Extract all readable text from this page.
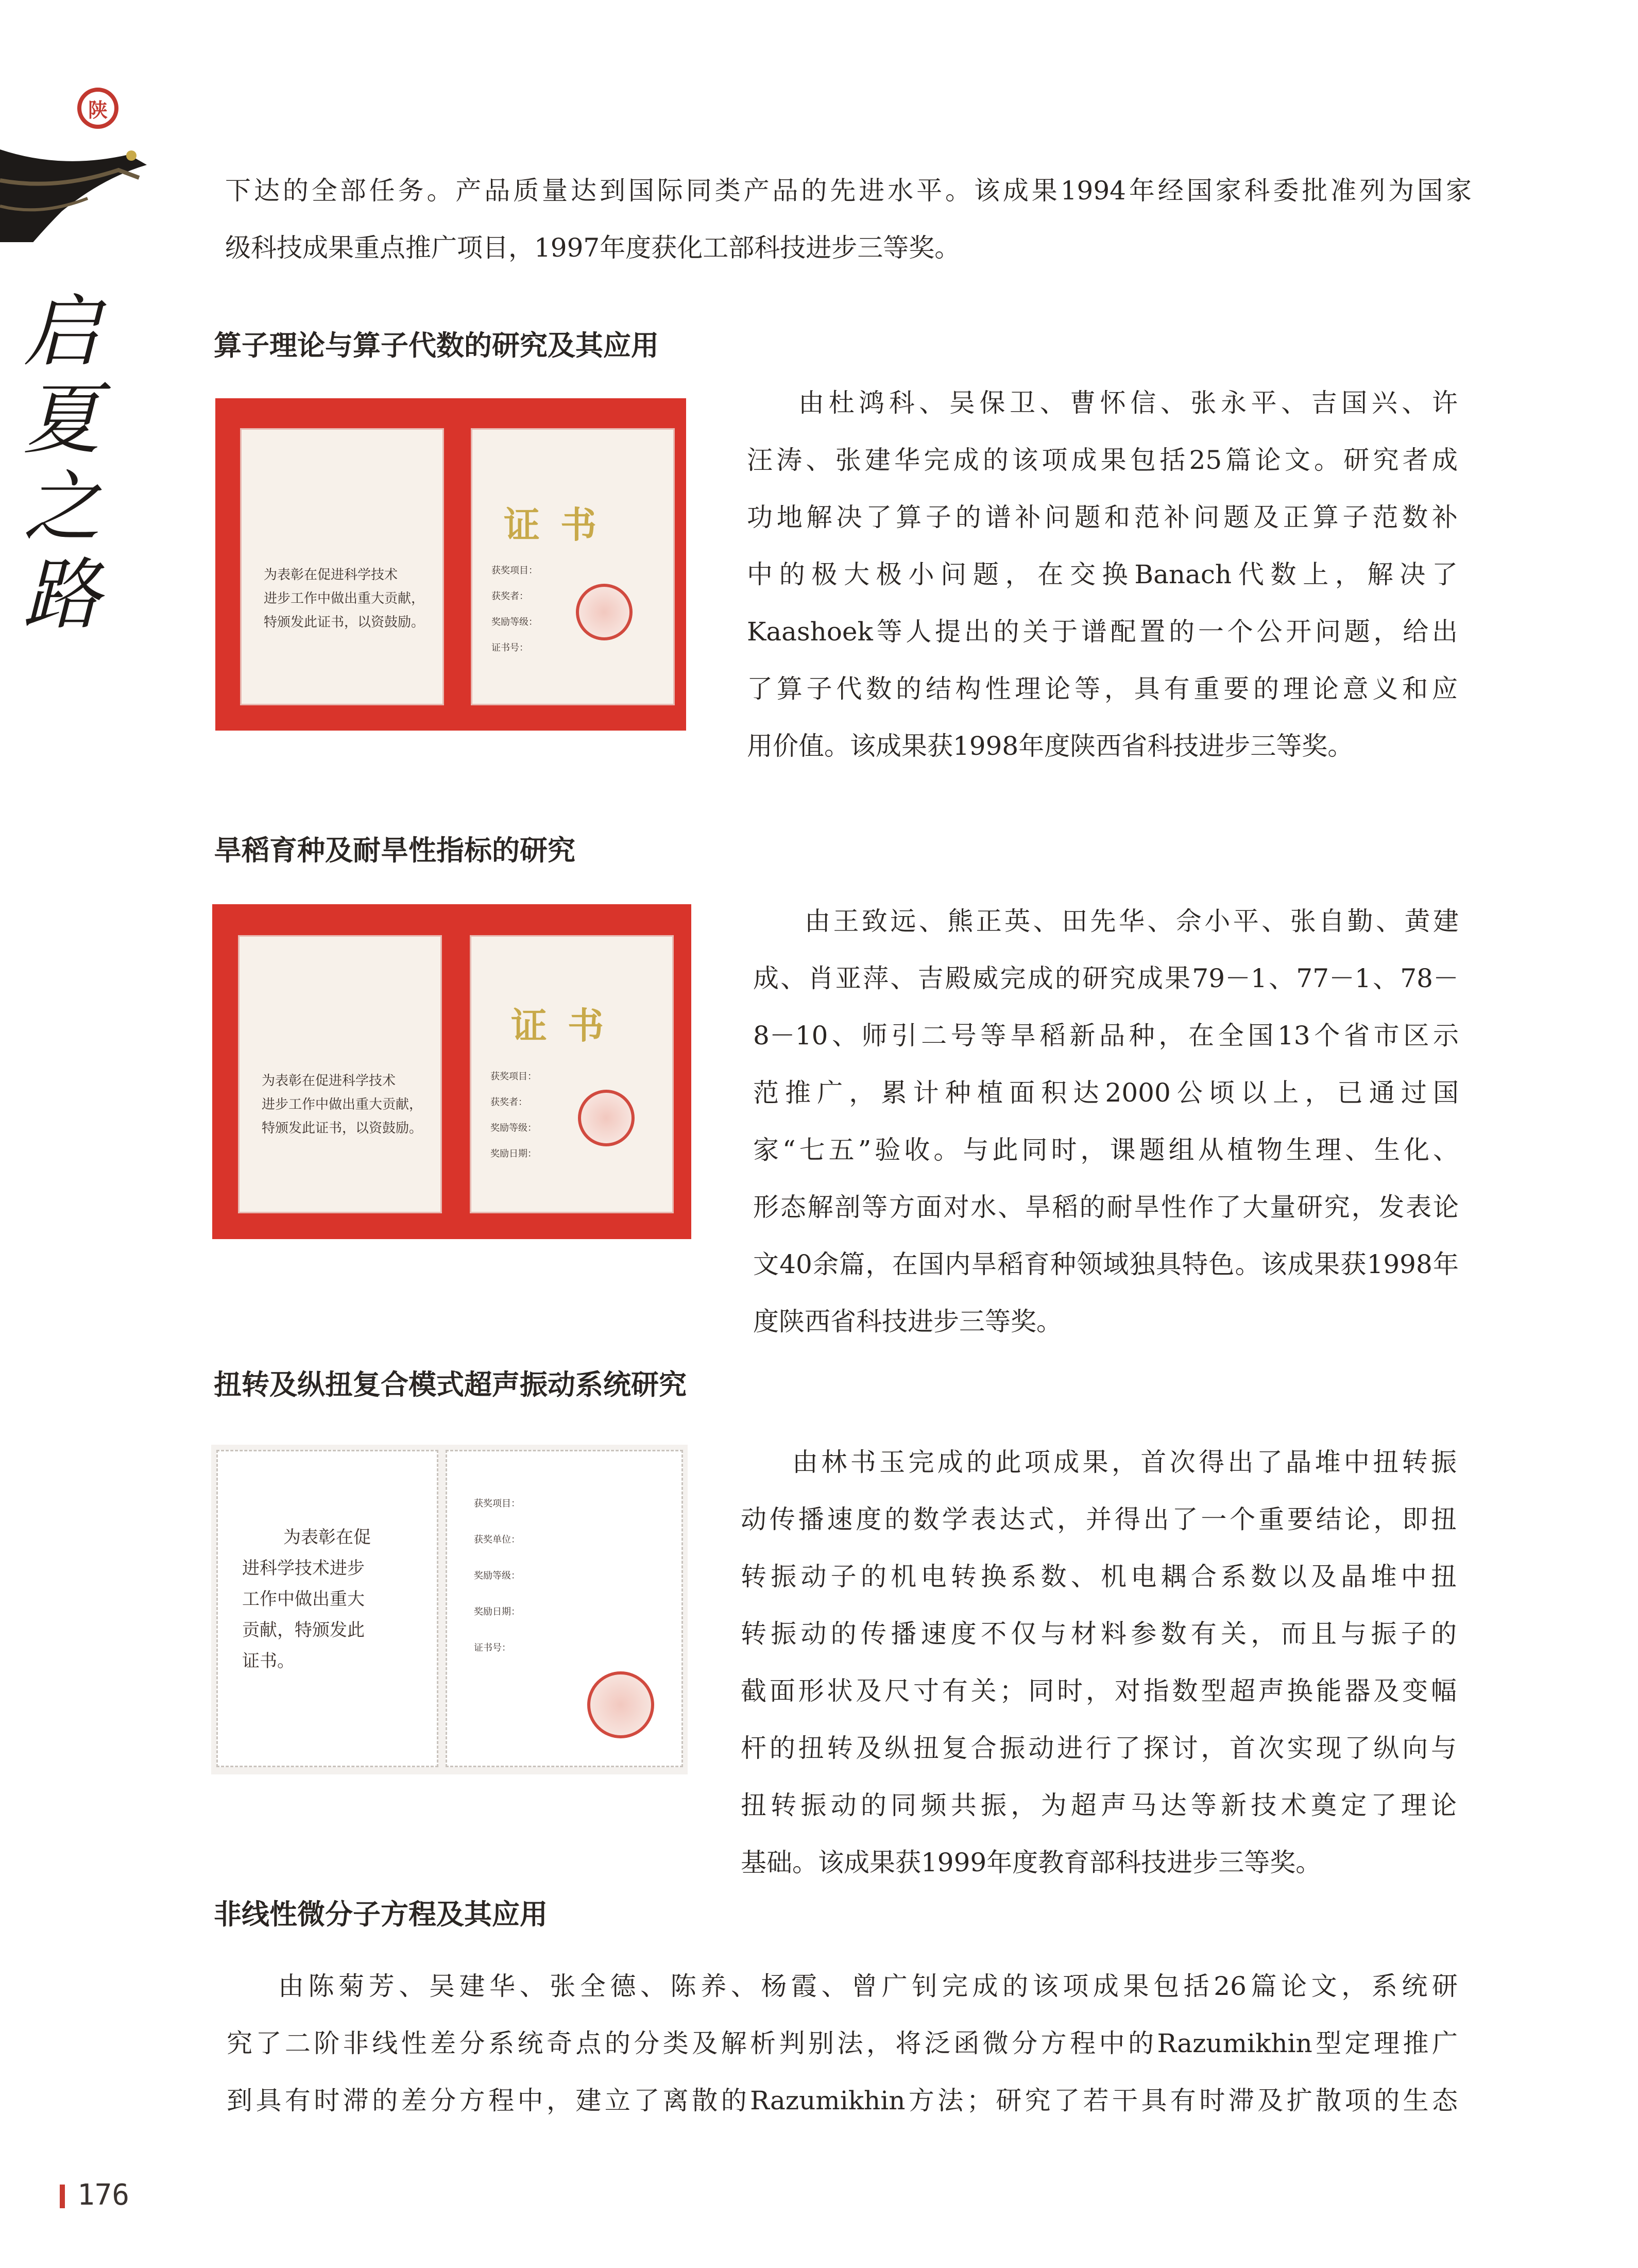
陕
启
夏
之
路
下达的全部任务。产品质量达到国际同类产品的先进水平。该成果1994年经国家科委批准列为国家
级科技成果重点推广项目，1997年度获化工部科技进步三等奖。
算子理论与算子代数的研究及其应用
为表彰在促进科学技术
进步工作中做出重大贡献，
特颁发此证书，以资鼓励。
证书
获奖项目：
获奖者：
奖励等级：
证书号：
由杜鸿科、吴保卫、曹怀信、张永平、吉国兴、许
汪涛、张建华完成的该项成果包括25篇论文。研究者成
功地解决了算子的谱补问题和范补问题及正算子范数补
中的极大极小问题，在交换Banach代数上，解决了
Kaashoek等人提出的关于谱配置的一个公开问题，给出
了算子代数的结构性理论等，具有重要的理论意义和应
用价值。该成果获1998年度陕西省科技进步三等奖。
旱稻育种及耐旱性指标的研究
为表彰在促进科学技术
进步工作中做出重大贡献，
特颁发此证书，以资鼓励。
证书
获奖项目：
获奖者：
奖励等级：
奖励日期：
由王致远、熊正英、田先华、佘小平、张自勤、黄建
成、肖亚萍、吉殿威完成的研究成果79－1、77－1、78－
8－10、师引二号等旱稻新品种，在全国13个省市区示
范推广，累计种植面积达2000公顷以上，已通过国
家“七五”验收。与此同时，课题组从植物生理、生化、
形态解剖等方面对水、旱稻的耐旱性作了大量研究，发表论
文40余篇，在国内旱稻育种领域独具特色。该成果获1998年
度陕西省科技进步三等奖。
扭转及纵扭复合模式超声振动系统研究
为表彰在促
进科学技术进步
工作中做出重大
贡献，特颁发此
证书。
获奖项目：
获奖单位：
奖励等级：
奖励日期：
证书号：
由林书玉完成的此项成果，首次得出了晶堆中扭转振
动传播速度的数学表达式，并得出了一个重要结论，即扭
转振动子的机电转换系数、机电耦合系数以及晶堆中扭
转振动的传播速度不仅与材料参数有关，而且与振子的
截面形状及尺寸有关；同时，对指数型超声换能器及变幅
杆的扭转及纵扭复合振动进行了探讨，首次实现了纵向与
扭转振动的同频共振，为超声马达等新技术奠定了理论
基础。该成果获1999年度教育部科技进步三等奖。
非线性微分子方程及其应用
由陈菊芳、吴建华、张全德、陈养、杨霞、曾广钊完成的该项成果包括26篇论文，系统研
究了二阶非线性差分系统奇点的分类及解析判别法，将泛函微分方程中的Razumikhin型定理推广
到具有时滞的差分方程中，建立了离散的Razumikhin方法；研究了若干具有时滞及扩散项的生态
176
